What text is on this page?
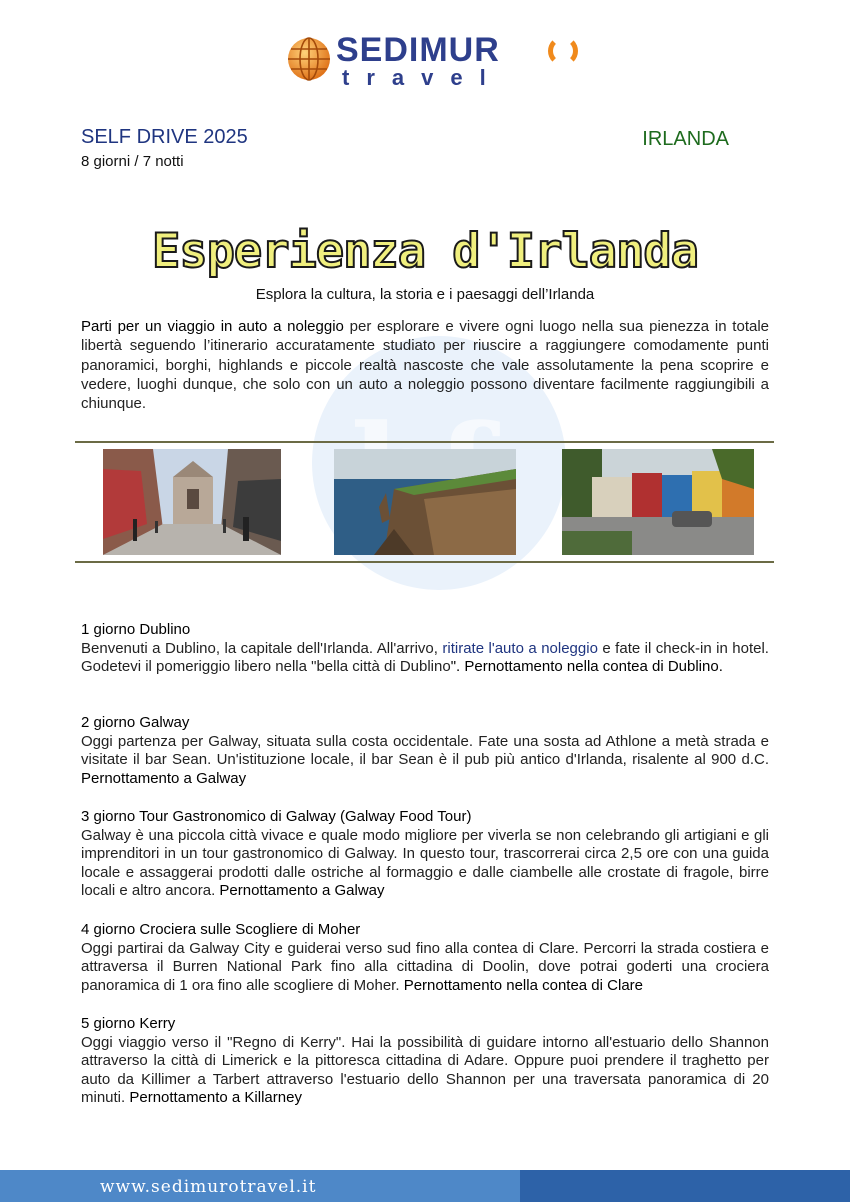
SEDIMUR
travel
SELF DRIVE 2025
8 giorni / 7 notti
IRLANDA
Esperienza d'Irlanda
Esplora la cultura, la storia e i paesaggi dell’Irlanda
Parti per un viaggio in auto a noleggio per esplorare e vivere ogni luogo nella sua pienezza in totale libertà seguendo l’itinerario accuratamente studiato per riuscire a raggiungere comodamente punti panoramici, borghi, highlands e piccole realtà nascoste che vale assolutamente la pena scoprire e vedere, luoghi dunque, che solo con un auto a noleggio possono diventare facilmente raggiungibili a chiunque.
1 giorno Dublino
Benvenuti a Dublino, la capitale dell'Irlanda. All'arrivo, ritirate l'auto a noleggio e fate il check-in in hotel. Godetevi il pomeriggio libero nella "bella città di Dublino". Pernottamento nella contea di Dublino.
2 giorno Galway
Oggi partenza per Galway, situata sulla costa occidentale. Fate una sosta ad Athlone a metà strada e visitate il bar Sean. Un'istituzione locale, il bar Sean è il pub più antico d'Irlanda, risalente al 900 d.C. Pernottamento a Galway
3 giorno Tour Gastronomico di Galway (Galway Food Tour)
Galway è una piccola città vivace e quale modo migliore per viverla se non celebrando gli artigiani e gli imprenditori in un tour gastronomico di Galway. In questo tour, trascorrerai circa 2,5 ore con una guida locale e assaggerai prodotti dalle ostriche al formaggio e dalle ciambelle alle crostate di fragole, birre locali e altro ancora. Pernottamento a Galway
4 giorno Crociera sulle Scogliere di Moher
Oggi partirai da Galway City e guiderai verso sud fino alla contea di Clare. Percorri la strada costiera e attraversa il Burren National Park fino alla cittadina di Doolin, dove potrai goderti una crociera panoramica di 1 ora fino alle scogliere di Moher. Pernottamento nella contea di Clare
5 giorno Kerry
Oggi viaggio verso il "Regno di Kerry". Hai la possibilità di guidare intorno all'estuario dello Shannon attraverso la città di Limerick e la pittoresca cittadina di Adare. Oppure puoi prendere il traghetto per auto da Killimer a Tarbert attraverso l'estuario dello Shannon per una traversata panoramica di 20 minuti. Pernottamento a Killarney
www.sedimurotravel.it
